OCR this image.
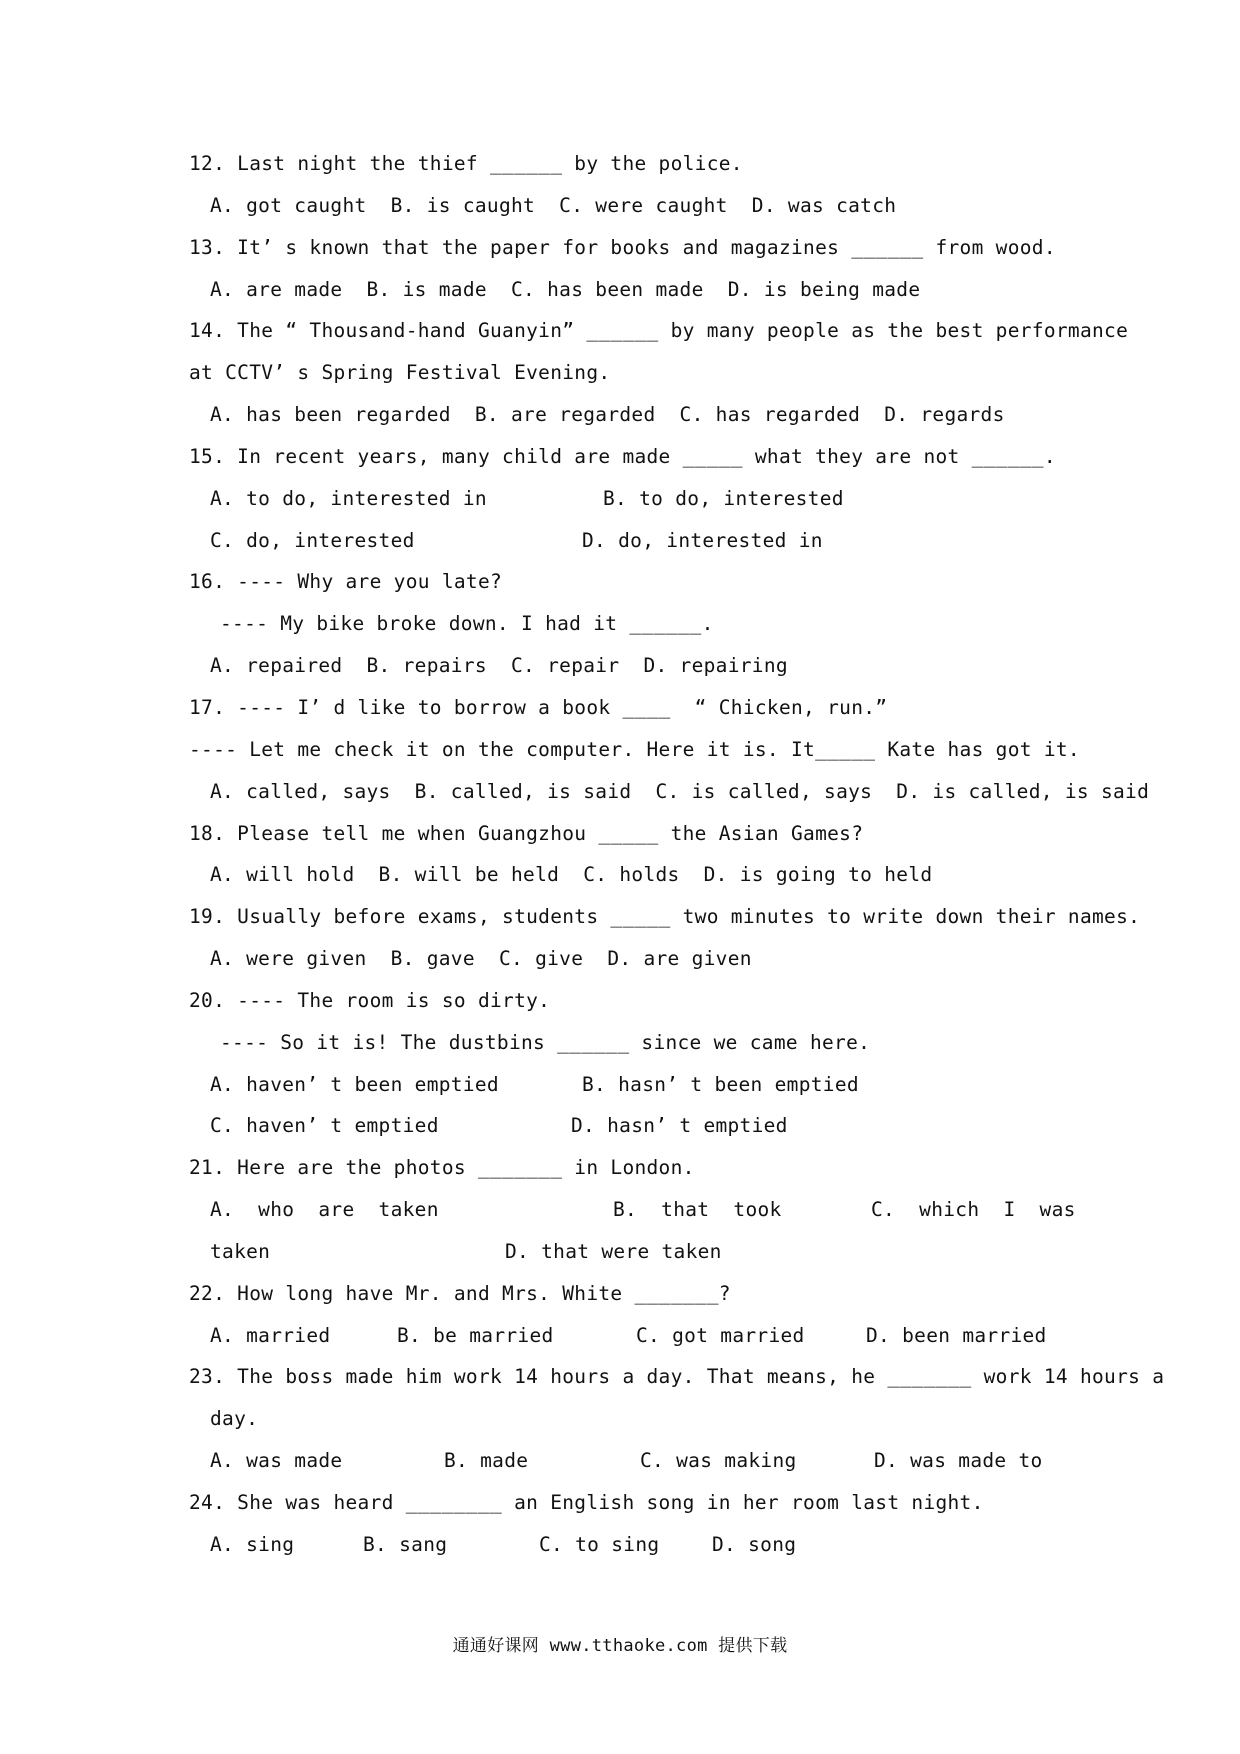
通通好课网 www.tthaoke.com 提供下载
12. Last night the thief ______ by the police.
A. got caught  B. is caught  C. were caught  D. was catch
13. It’ s known that the paper for books and magazines ______ from wood.
A. are made  B. is made  C. has been made  D. is being made
14. The “ Thousand-hand Guanyin” ______ by many people as the best performance
at CCTV’ s Spring Festival Evening.
A. has been regarded  B. are regarded  C. has regarded  D. regards
15. In recent years, many child are made _____ what they are not ______.
A. to do, interested in	B. to do, interested
C. do, interested	D. do, interested in
16. ---- Why are you late?
---- My bike broke down. I had it ______.
A. repaired  B. repairs  C. repair  D. repairing
17. ---- I’ d like to borrow a book ____  “ Chicken, run.”
---- Let me check it on the computer. Here it is. It_____ Kate has got it.
A. called, says  B. called, is said  C. is called, says  D. is called, is said
18. Please tell me when Guangzhou _____ the Asian Games?
A. will hold  B. will be held  C. holds  D. is going to held
19. Usually before exams, students _____ two minutes to write down their names.
A. were given  B. gave  C. give  D. are given
20. ---- The room is so dirty.
---- So it is! The dustbins ______ since we came here.
A. haven’ t been emptied	B. hasn’ t been emptied
C. haven’ t emptied	D. hasn’ t emptied
21. Here are the photos _______ in London.
A.  who  are  taken	B.  that  took	C.  which  I  was
taken	D. that were taken
22. How long have Mr. and Mrs. White _______?
A. married	B. be married	C. got married	D. been married
23. The boss made him work 14 hours a day. That means, he _______ work 14 hours a
day.
A. was made	B. made	C. was making	D. was made to
24. She was heard ________ an English song in her room last night.
A. sing	B. sang	C. to sing	D. song
